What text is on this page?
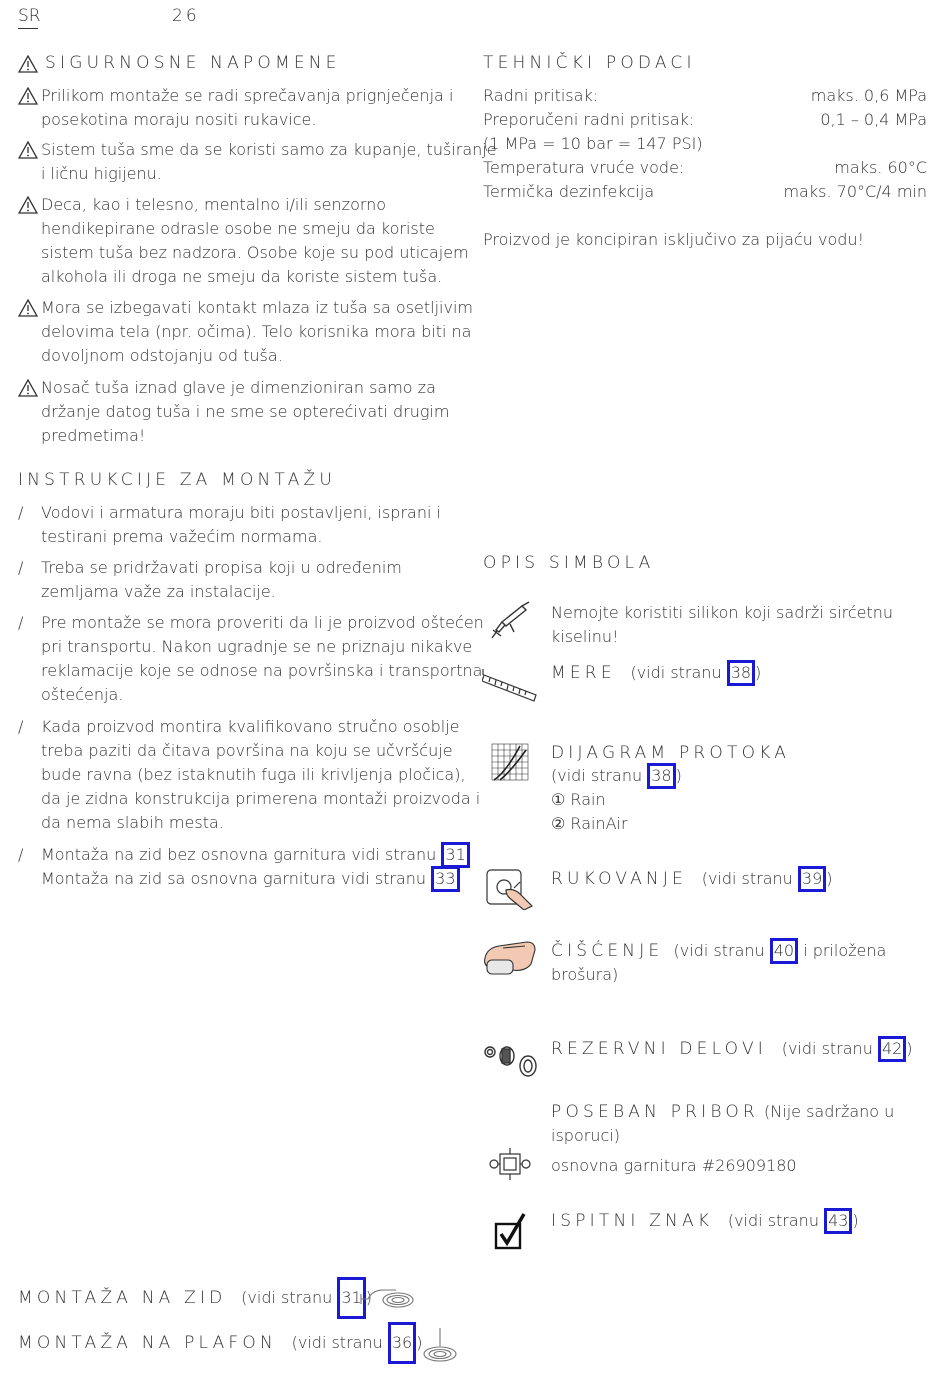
SR	26
SIGURNOSNE NAPOMENE
Prilikom montaže se radi sprečavanja prignječenja i
posekotina moraju nositi rukavice.
Sistem tuša sme da se koristi samo za kupanje, tuširanje
i ličnu higijenu.
Deca, kao i telesno, mentalno i/ili senzorno
hendikepirane odrasle osobe ne smeju da koriste
sistem tuša bez nadzora. Osobe koje su pod uticajem
alkohola ili droga ne smeju da koriste sistem tuša.
Mora se izbegavati kontakt mlaza iz tuša sa osetljivim
delovima tela (npr. očima). Telo korisnika mora biti na
dovoljnom odstojanju od tuša.
Nosač tuša iznad glave je dimenzioniran samo za
držanje datog tuša i ne sme se opterećivati drugim
predmetima!
INSTRUKCIJE ZA MONTAŽU
/ Vodovi i armatura moraju biti postavljeni, isprani i
testirani prema važećim normama.
/ Treba se pridržavati propisa koji u određenim
zemljama važe za instalacije.
/ Pre montaže se mora proveriti da li je proizvod oštećen
pri transportu. Nakon ugradnje se ne priznaju nikakve
reklamacije koje se odnose na površinska i transportna
oštećenja.
/ Kada proizvod montira kvalifikovano stručno osoblje
treba paziti da čitava površina na koju se učvršćuje
bude ravna (bez istaknutih fuga ili krivljenja pločica),
da je zidna konstrukcija primerena montaži proizvoda i
da nema slabih mesta.
/ Montaža na zid bez osnovna garnitura vidi stranu 31
Montaža na zid sa osnovna garnitura vidi stranu 33
TEHNIČKI PODACI
Radni pritisak:	maks. 0,6 MPa
Preporučeni radni pritisak:	0,1 – 0,4 MPa
(1 MPa = 10 bar = 147 PSI)
Temperatura vruće vode:	maks. 60°C
Termička dezinfekcija	maks. 70°C/4 min
Proizvod je koncipiran isključivo za pijaću vodu!
OPIS SIMBOLA
Nemojte koristiti silikon koji sadrži sirćetnu
kiselinu!
MERE (vidi stranu 38 )
DIJAGRAM PROTOKA
(vidi stranu 38 )
① Rain
② RainAir
RUKOVANJE (vidi stranu 39 )
ČIŠĆENJE (vidi stranu 40 i priložena
brošura)
REZERVNI DELOVI (vidi stranu 42 )
POSEBAN PRIBOR (Nije sadržano u
isporuci)
osnovna garnitura #26909180
ISPITNI ZNAK (vidi stranu 43 )
MONTAŽA NA ZID (vidi stranu 31 )
MONTAŽA NA PLAFON (vidi stranu 36 )
